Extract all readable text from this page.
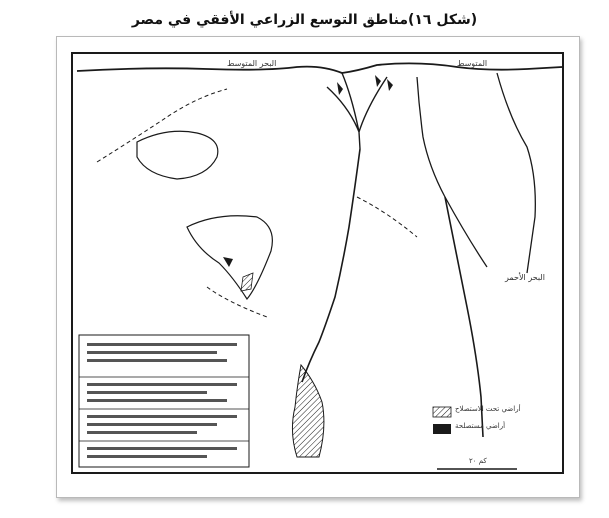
(شكل ١٦)مناطق التوسع الزراعي الأفقي في مصر
البحر المتوسط	المتوسط
البحر الأحمر
أراضي تحت الاستصلاح
أراضي مستصلحة
كم ٢٠
